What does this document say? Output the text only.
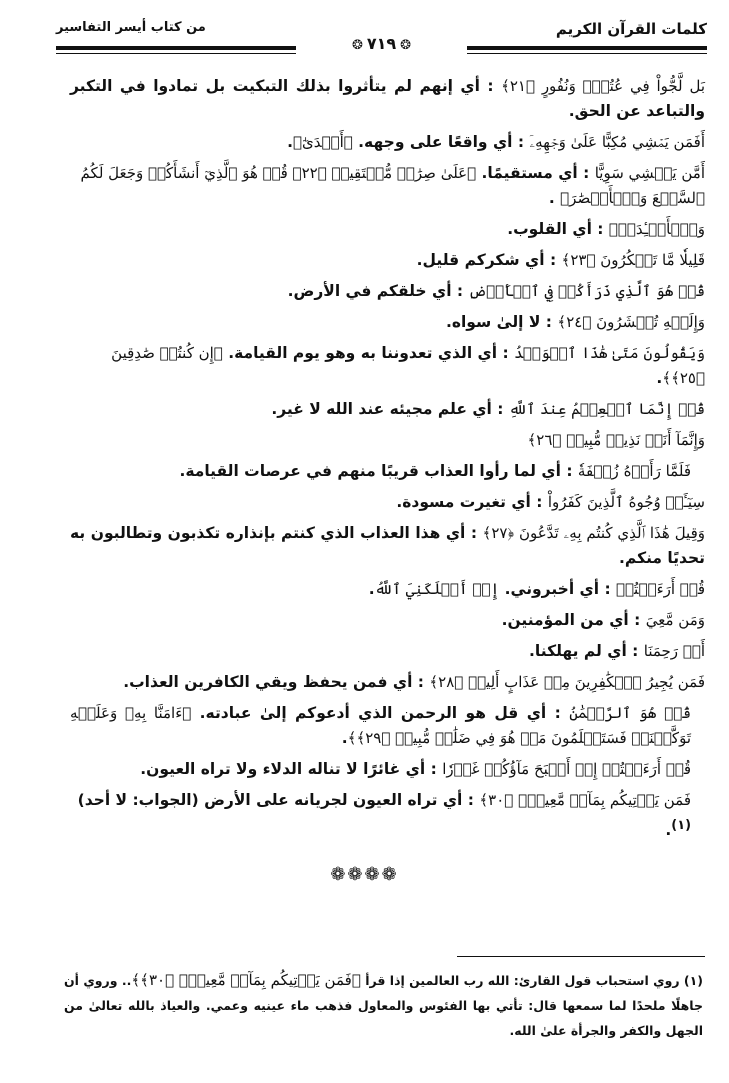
كلمات القرآن الكريم
من كتاب أيسر التفاسير
❂ ٧١٩ ❂

بَل لَّجُّواْ فِي عُتُوّٖ وَنُفُورٍ ﴿٢١﴾ : أي إنهم لم يتأثروا بذلك التبكيت بل تمادوا في التكبر والتباعد عن الحق.

أَفَمَن يَمۡشِي مُكِبًّا عَلَىٰ وَجۡهِهِۦٓ : أي واقعًا على وجهه. ﴿أَهۡدَىٰٓ﴾.

أَمَّن يَمۡشِي سَوِيًّا : أي مستقيمًا. ﴿عَلَىٰ صِرَٰطٖ مُّسۡتَقِيمٖ ﴿٢٢﴾ قُلۡ هُوَ ٱلَّذِيٓ أَنشَأَكُمۡ وَجَعَلَ لَكُمُ ٱلسَّمۡعَ وَٱلۡأَبۡصَٰرَ﴾ .

وَٱلۡأَفۡـِٔدَةَۚ : أي القلوب.

قَلِيلٗا مَّا تَشۡكُرُونَ ﴿٢٣﴾ : أي شكركم قليل.

قُلۡ هُوَ ٱلَّذِي ذَرَأَكُمۡ فِي ٱلۡأَرۡضِ : أي خلقكم في الأرض.

وَإِلَيۡهِ تُحۡشَرُونَ ﴿٢٤﴾ : لا إلىٰ سواه.

وَيَقُولُونَ مَتَىٰ هَٰذَا ٱلۡوَعۡدُ : أي الذي تعدوننا به وهو يوم القيامة. ﴿إِن كُنتُمۡ صَٰدِقِينَ ﴿٢٥﴾﴾.

قُلۡ إِنَّمَا ٱلۡعِلۡمُ عِندَ ٱللَّهِ : أي علم مجيئه عند الله لا غير.

وَإِنَّمَآ أَنَا۠ نَذِيرٞ مُّبِينٞ ﴿٢٦﴾

فَلَمَّا رَأَوۡهُ زُلۡفَةٗ : أي لما رأوا العذاب قريبًا منهم في عرصات القيامة.

سِيٓـَٔتۡ وُجُوهُ ٱلَّذِينَ كَفَرُواْ : أي تغيرت مسودة.

وَقِيلَ هَٰذَا ٱلَّذِي كُنتُم بِهِۦ تَدَّعُونَ ﴿٢٧﴾ : أي هذا العذاب الذي كنتم بإنذاره تكذبون وتطالبون به تحديًا منكم.

قُلۡ أَرَءَيۡتُمۡ : أي أخبروني. إِنۡ أَهۡلَكَنِيَ ٱللَّهُ.

وَمَن مَّعِيَ : أي من المؤمنين.

أَوۡ رَحِمَنَا : أي لم يهلكنا.

فَمَن يُجِيرُ ٱلۡكَٰفِرِينَ مِنۡ عَذَابٍ أَلِيمٖ ﴿٢٨﴾ : أي فمن يحفظ ويقي الكافرين العذاب.

قُلۡ هُوَ ٱلرَّحۡمَٰنُ : أي قل هو الرحمن الذي أدعوكم إلىٰ عبادته. ﴿ءَامَنَّا بِهِۦ وَعَلَيۡهِ تَوَكَّلۡنَاۖ فَسَتَعۡلَمُونَ مَنۡ هُوَ فِي ضَلَٰلٖ مُّبِينٖ ﴿٢٩﴾﴾.

قُلۡ أَرَءَيۡتُمۡ إِنۡ أَصۡبَحَ مَآؤُكُمۡ غَوۡرٗا : أي غائرًا لا تناله الدلاء ولا تراه العيون.

فَمَن يَأۡتِيكُم بِمَآءٖ مَّعِينِۭ ﴿٣٠﴾ : أي تراه العيون لجريانه على الأرض (الجواب: لا أحد)$^{(١)}$.

❁❁❁❁
(١) روي استحباب قول القارئ: الله رب العالمين إذا قرأ ﴿فَمَن يَأۡتِيكُم بِمَآءٖ مَّعِينِۭ ﴿٣٠﴾﴾.. وروي أن جاهلًا ملحدًا لما سمعها قال: تأتي بها الفئوس والمعاول فذهب ماء عينيه وعمي. والعياذ بالله تعالىٰ من الجهل والكفر والجرأة علىٰ الله.
